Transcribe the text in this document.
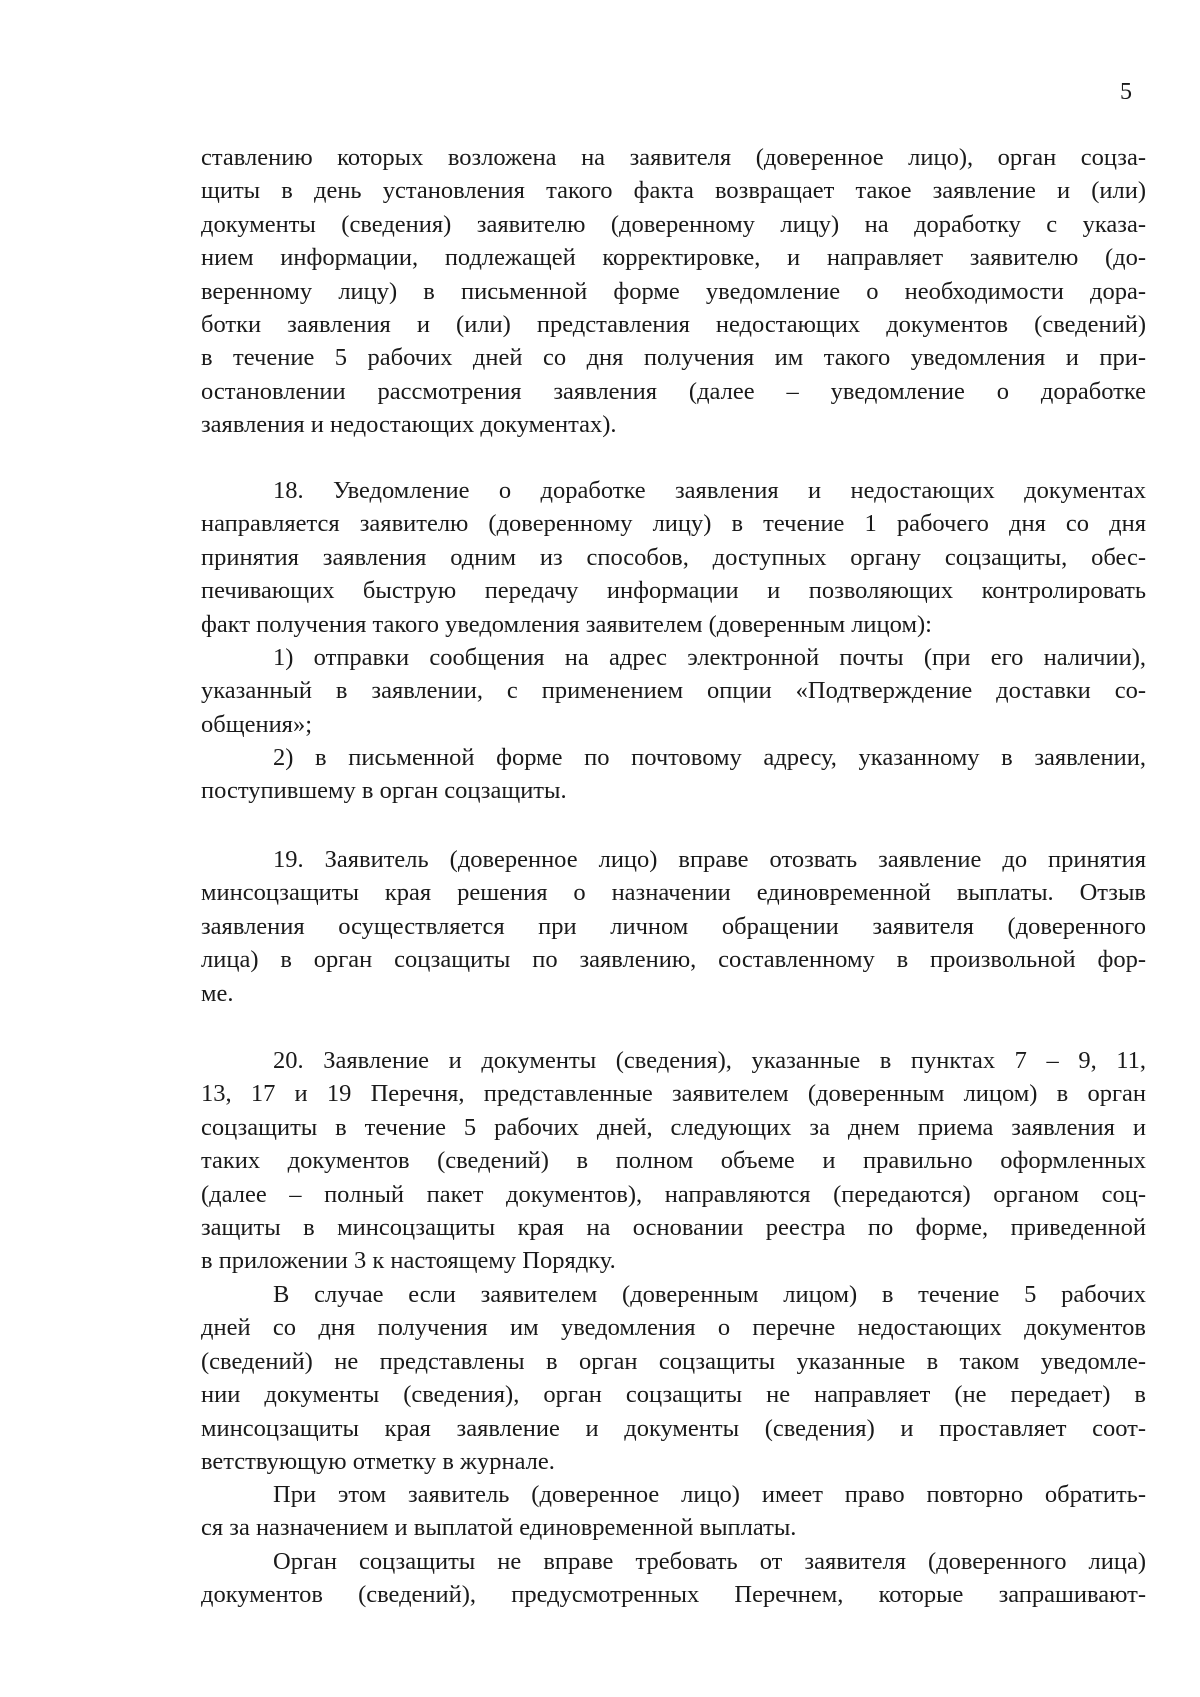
5
ставлению которых возложена на заявителя (доверенное лицо), орган соцза-
щиты в день установления такого факта возвращает такое заявление и (или)
документы (сведения) заявителю (доверенному лицу) на доработку с указа-
нием информации, подлежащей корректировке, и направляет заявителю (до-
веренному лицу) в письменной форме уведомление о необходимости дора-
ботки заявления и (или) представления недостающих документов (сведений)
в течение 5 рабочих дней со дня получения им такого уведомления и при-
остановлении рассмотрения заявления (далее – уведомление о доработке
заявления и недостающих документах).
18. Уведомление о доработке заявления и недостающих документах
направляется заявителю (доверенному лицу) в течение 1 рабочего дня со дня
принятия заявления одним из способов, доступных органу соцзащиты, обес-
печивающих быструю передачу информации и позволяющих контролировать
факт получения такого уведомления заявителем (доверенным лицом):
1) отправки сообщения на адрес электронной почты (при его наличии),
указанный в заявлении, с применением опции «Подтверждение доставки со-
общения»;
2) в письменной форме по почтовому адресу, указанному в заявлении,
поступившему в орган соцзащиты.
19. Заявитель (доверенное лицо) вправе отозвать заявление до принятия
минсоцзащиты края решения о назначении единовременной выплаты. Отзыв
заявления осуществляется при личном обращении заявителя (доверенного
лица) в орган соцзащиты по заявлению, составленному в произвольной фор-
ме.
20. Заявление и документы (сведения), указанные в пунктах 7 – 9, 11,
13, 17 и 19 Перечня, представленные заявителем (доверенным лицом) в орган
соцзащиты в течение 5 рабочих дней, следующих за днем приема заявления и
таких документов (сведений) в полном объеме и правильно оформленных
(далее – полный пакет документов), направляются (передаются) органом соц-
защиты в минсоцзащиты края на основании реестра по форме, приведенной
в приложении 3 к настоящему Порядку.
В случае если заявителем (доверенным лицом) в течение 5 рабочих
дней со дня получения им уведомления о перечне недостающих документов
(сведений) не представлены в орган соцзащиты указанные в таком уведомле-
нии документы (сведения), орган соцзащиты не направляет (не передает) в
минсоцзащиты края заявление и документы (сведения) и проставляет соот-
ветствующую отметку в журнале.
При этом заявитель (доверенное лицо) имеет право повторно обратить-
ся за назначением и выплатой единовременной выплаты.
Орган соцзащиты не вправе требовать от заявителя (доверенного лица)
документов (сведений), предусмотренных Перечнем, которые запрашивают-
